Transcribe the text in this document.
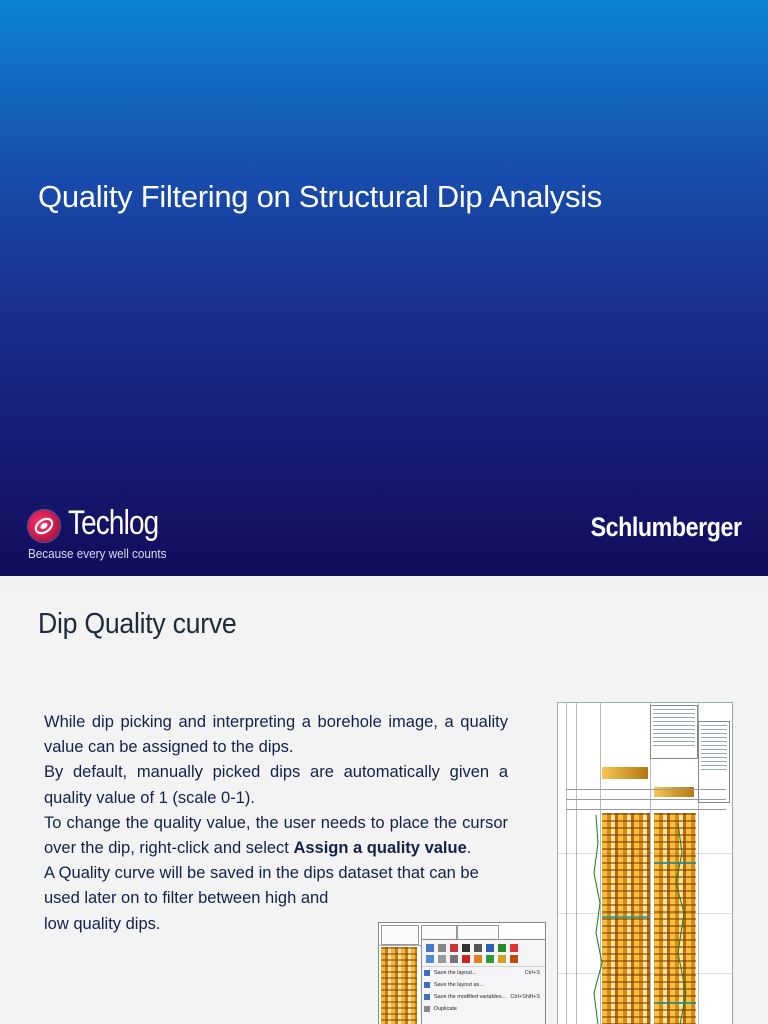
Quality Filtering on Structural Dip Analysis
Techlog
Because every well counts
Schlumberger
Dip Quality curve

While dip picking and interpreting a borehole image, a quality value can be assigned to the dips.

By default, manually picked dips are automatically given a quality value of 1 (scale 0-1).

To change the quality value, the user needs to place the cursor over the dip, right-click and select Assign a quality value.

A Quality curve will be saved in the dips dataset that can be

used later on to filter between high and low quality dips.

Save the layout...	Ctrl+S
Save the layout as...
Save the modified variables... Ctrl+Shift+S
Duplicate
